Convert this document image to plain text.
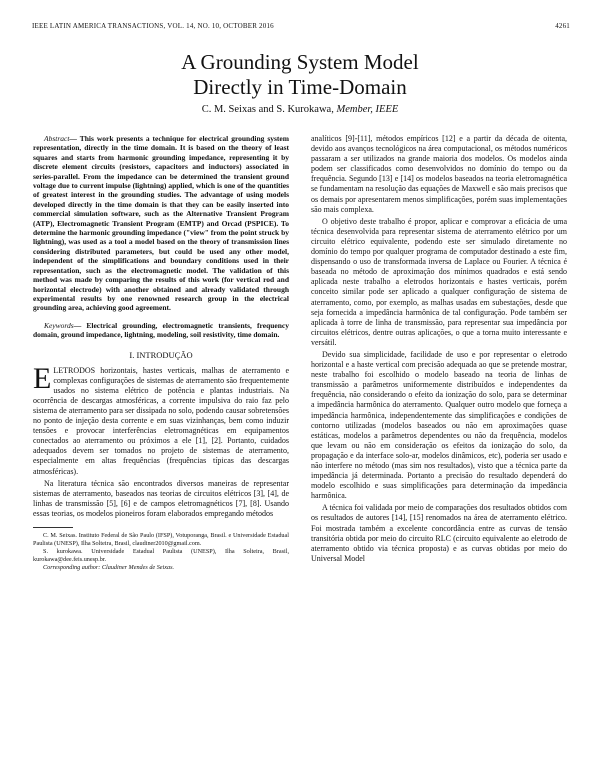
IEEE LATIN AMERICA TRANSACTIONS, VOL. 14, NO. 10, OCTOBER 2016	4261
A Grounding System Model
Directly in Time-Domain
C. M. Seixas and S. Kurokawa, Member, IEEE

Abstract— This work presents a technique for electrical grounding system representation, directly in the time domain. It is based on the theory of least squares and starts from harmonic grounding impedance, representing it by discrete element circuits (resistors, capacitors and inductors) associated in series-parallel. From the impedance can be determined the transient ground voltage due to current impulse (lightning) applied, which is one of the quantities of greatest interest in the grounding studies. The advantage of using models developed directly in the time domain is that they can be easily inserted into commercial simulation software, such as the Alternative Transient Program (ATP), Electromagnetic Transient Program (EMTP) and Orcad (PSPICE). To determine the harmonic grounding impedance ("view" from the point struck by lightning), was used as a tool a model based on the theory of transmission lines considering distributed parameters, but could be used any other model, independent of the simplifications and boundary conditions used in their representation, such as the electromagnetic model. The validation of this method was made by comparing the results of this work (for vertical rod and horizontal electrode) with another obtained and already validated through experimental results by one renowned research group in the electrical grounding area, achieving good agreement.

Keywords— Electrical grounding, electromagnetic transients, frequency domain, ground impedance, lightning, modeling, soil resistivity, time domain.

I. INTRODUÇÃO

ELETRODOS horizontais, hastes verticais, malhas de aterramento e complexas configurações de sistemas de aterramento são frequentemente usados no sistema elétrico de potência e plantas industriais. Na ocorrência de descargas atmosféricas, a corrente impulsiva do raio faz pelo sistema de aterramento para ser dissipada no solo, podendo causar sobretensões no ponto de injeção desta corrente e em suas vizinhanças, bem como induzir tensões e provocar interferências eletromagnéticas em equipamentos conectados ao aterramento ou próximos a ele [1], [2]. Portanto, cuidados adequados devem ser tomados no projeto de sistemas de aterramento, especialmente em altas frequências (frequências típicas das descargas atmosféricas).

Na literatura técnica são encontrados diversos maneiras de representar sistemas de aterramento, baseados nas teorias de circuitos elétricos [3], [4], de linhas de transmissão [5], [6] e de campos eletromagnéticos [7], [8]. Usando essas teorias, os modelos pioneiros foram elaborados empregando métodos

C. M. Seixas. Instituto Federal de São Paulo (IFSP), Votuporanga, Brasil. e Universidade Estadual Paulista (UNESP), Ilha Solteira, Brasil, claudiner2010@gmail.com.

S. kurokawa. Universidade Estadual Paulista (UNESP), Ilha Solteira, Brasil, kurokawa@dee.feis.unesp.br.

Corresponding author: Claudiner Mendes de Seixas.

analíticos [9]-[11], métodos empíricos [12] e a partir da década de oitenta, devido aos avanços tecnológicos na área computacional, os métodos numéricos passaram a ser utilizados na grande maioria dos modelos. Os modelos ainda podem ser classificados como desenvolvidos no domínio do tempo ou da frequência. Segundo [13] e [14] os modelos baseados na teoria eletromagnética se fundamentam na resolução das equações de Maxwell e são mais precisos que os demais por apresentarem menos simplificações, porém suas implementações são mais complexa.

O objetivo deste trabalho é propor, aplicar e comprovar a eficácia de uma técnica desenvolvida para representar sistema de aterramento elétrico por um circuito elétrico equivalente, podendo este ser simulado diretamente no domínio do tempo por qualquer programa de computador destinado a este fim, dispensando o uso de transformada inversa de Laplace ou Fourier. A técnica é baseada no método de aproximação dos mínimos quadrados e está sendo aplicada neste trabalho a eletrodos horizontais e hastes verticais, porém conceito similar pode ser aplicado a qualquer configuração de sistema de aterramento, como, por exemplo, as malhas usadas em subestações, desde que seja fornecida a impedância harmônica de tal configuração. Pode também ser aplicada à torre de linha de transmissão, para representar sua impedância por circuitos elétricos, dentre outras aplicações, o que a torna muito interessante e versátil.

Devido sua simplicidade, facilidade de uso e por representar o eletrodo horizontal e a haste vertical com precisão adequada ao que se pretende mostrar, neste trabalho foi escolhido o modelo baseado na teoria de linhas de transmissão a parâmetros uniformemente distribuídos e independentes da frequência, não considerando o efeito da ionização do solo, para se determinar a impedância harmônica do aterramento. Qualquer outro modelo que forneça a impedância harmônica, independentemente das simplificações e condições de contorno utilizadas (modelos baseados ou não em aproximações quase estáticas, modelos a parâmetros dependentes ou não da frequência, modelos que levam ou não em consideração os efeitos da ionização do solo, da propagação e da interface solo-ar, modelos dinâmicos, etc), poderia ser usado e não interfere no método (mas sim nos resultados), visto que a técnica parte da impedância já determinada. Portanto a precisão do resultado dependerá do modelo escolhido e suas simplificações para determinação da impedância harmônica.

A técnica foi validada por meio de comparações dos resultados obtidos com os resultados de autores [14], [15] renomados na área de aterramento elétrico. Foi mostrada também a excelente concordância entre as curvas de tensão transitória obtida por meio do circuito RLC (circuito equivalente ao eletrodo de aterramento obtido via técnica proposta) e as curvas obtidas por meio do Universal Model
